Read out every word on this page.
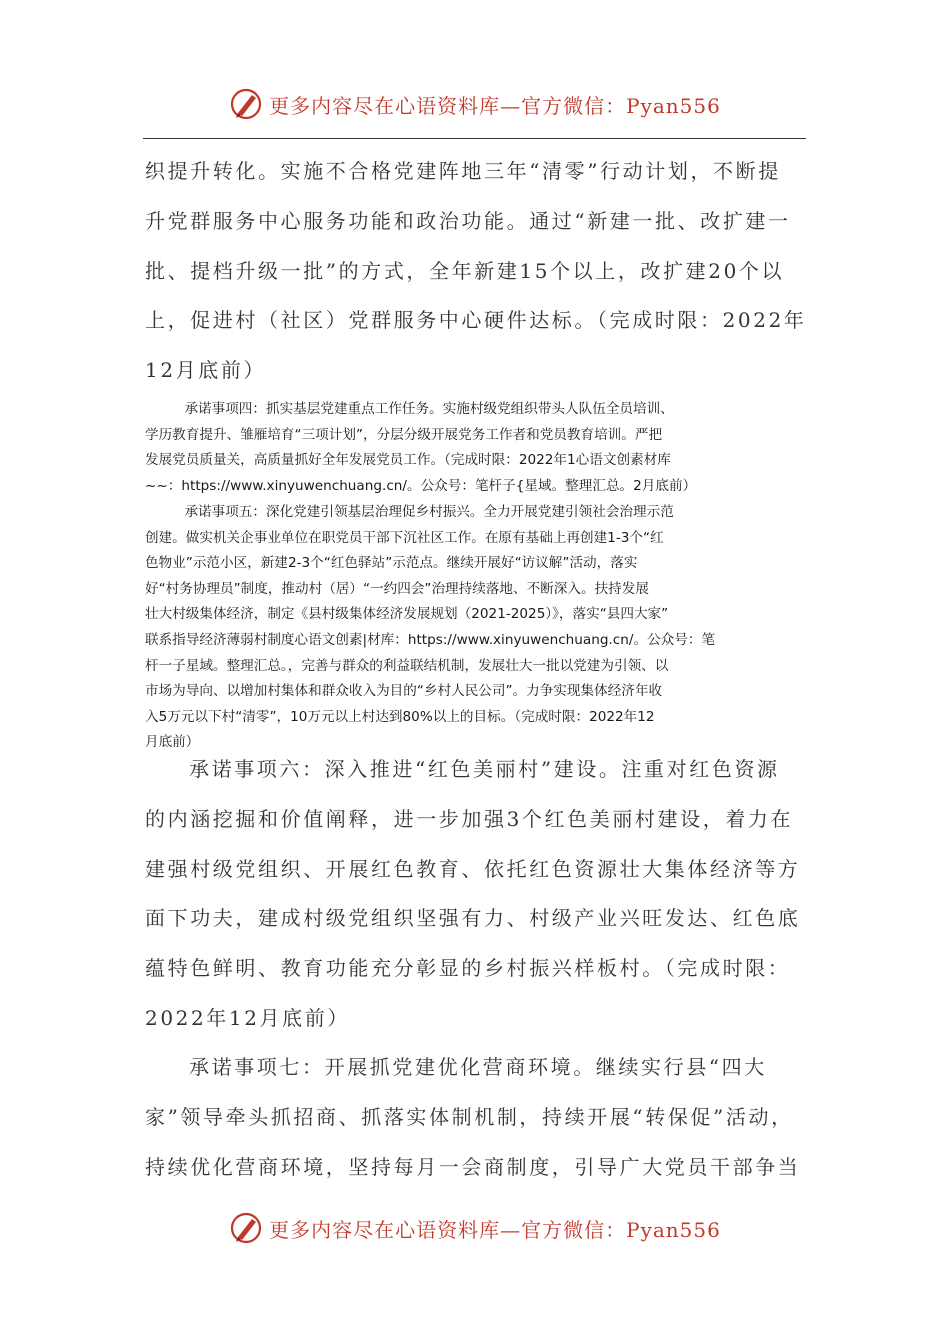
更多内容尽在心语资料库—官方微信：Pyan556
织提升转化。实施不合格党建阵地三年“清零”行动计划，不断提
升党群服务中心服务功能和政治功能。通过“新建一批、改扩建一
批、提档升级一批”的方式，全年新建15个以上，改扩建20个以
上，促进村（社区）党群服务中心硬件达标。（完成时限：2022年
12月底前）
承诺事项四：抓实基层党建重点工作任务。实施村级党组织带头人队伍全员培训、
学历教育提升、雏雁培育“三项计划”，分层分级开展党务工作者和党员教育培训。严把
发展党员质量关，高质量抓好全年发展党员工作。（完成时限：2022年1心语文创素材库
~~：https://www.xinyuwenchuang.cn/。公众号：笔杆子{星域。整理汇总。2月底前）
承诺事项五：深化党建引领基层治理促乡村振兴。全力开展党建引领社会治理示范
创建。做实机关企事业单位在职党员干部下沉社区工作。在原有基础上再创建1-3个“红
色物业”示范小区，新建2-3个“红色驿站”示范点。继续开展好“访议解”活动，落实
好“村务协理员”制度，推动村（居）“一约四会”治理持续落地、不断深入。扶持发展
壮大村级集体经济，制定《县村级集体经济发展规划（2021-2025）》，落实“县四大家”
联系指导经济薄弱村制度心语文创素|材库：https://www.xinyuwenchuang.cn/。公众号：笔
杆一子星域。整理汇总。，完善与群众的利益联结机制，发展壮大一批以党建为引领、以
市场为导向、以增加村集体和群众收入为目的“乡村人民公司”。力争实现集体经济年收
入5万元以下村“清零”，10万元以上村达到80%以上的目标。（完成时限：2022年12
月底前）
承诺事项六：深入推进“红色美丽村”建设。注重对红色资源
的内涵挖掘和价值阐释，进一步加强3个红色美丽村建设，着力在
建强村级党组织、开展红色教育、依托红色资源壮大集体经济等方
面下功夫，建成村级党组织坚强有力、村级产业兴旺发达、红色底
蕴特色鲜明、教育功能充分彰显的乡村振兴样板村。（完成时限：
2022年12月底前）
承诺事项七：开展抓党建优化营商环境。继续实行县“四大
家”领导牵头抓招商、抓落实体制机制，持续开展“转保促”活动，
持续优化营商环境，坚持每月一会商制度，引导广大党员干部争当
更多内容尽在心语资料库—官方微信：Pyan556
